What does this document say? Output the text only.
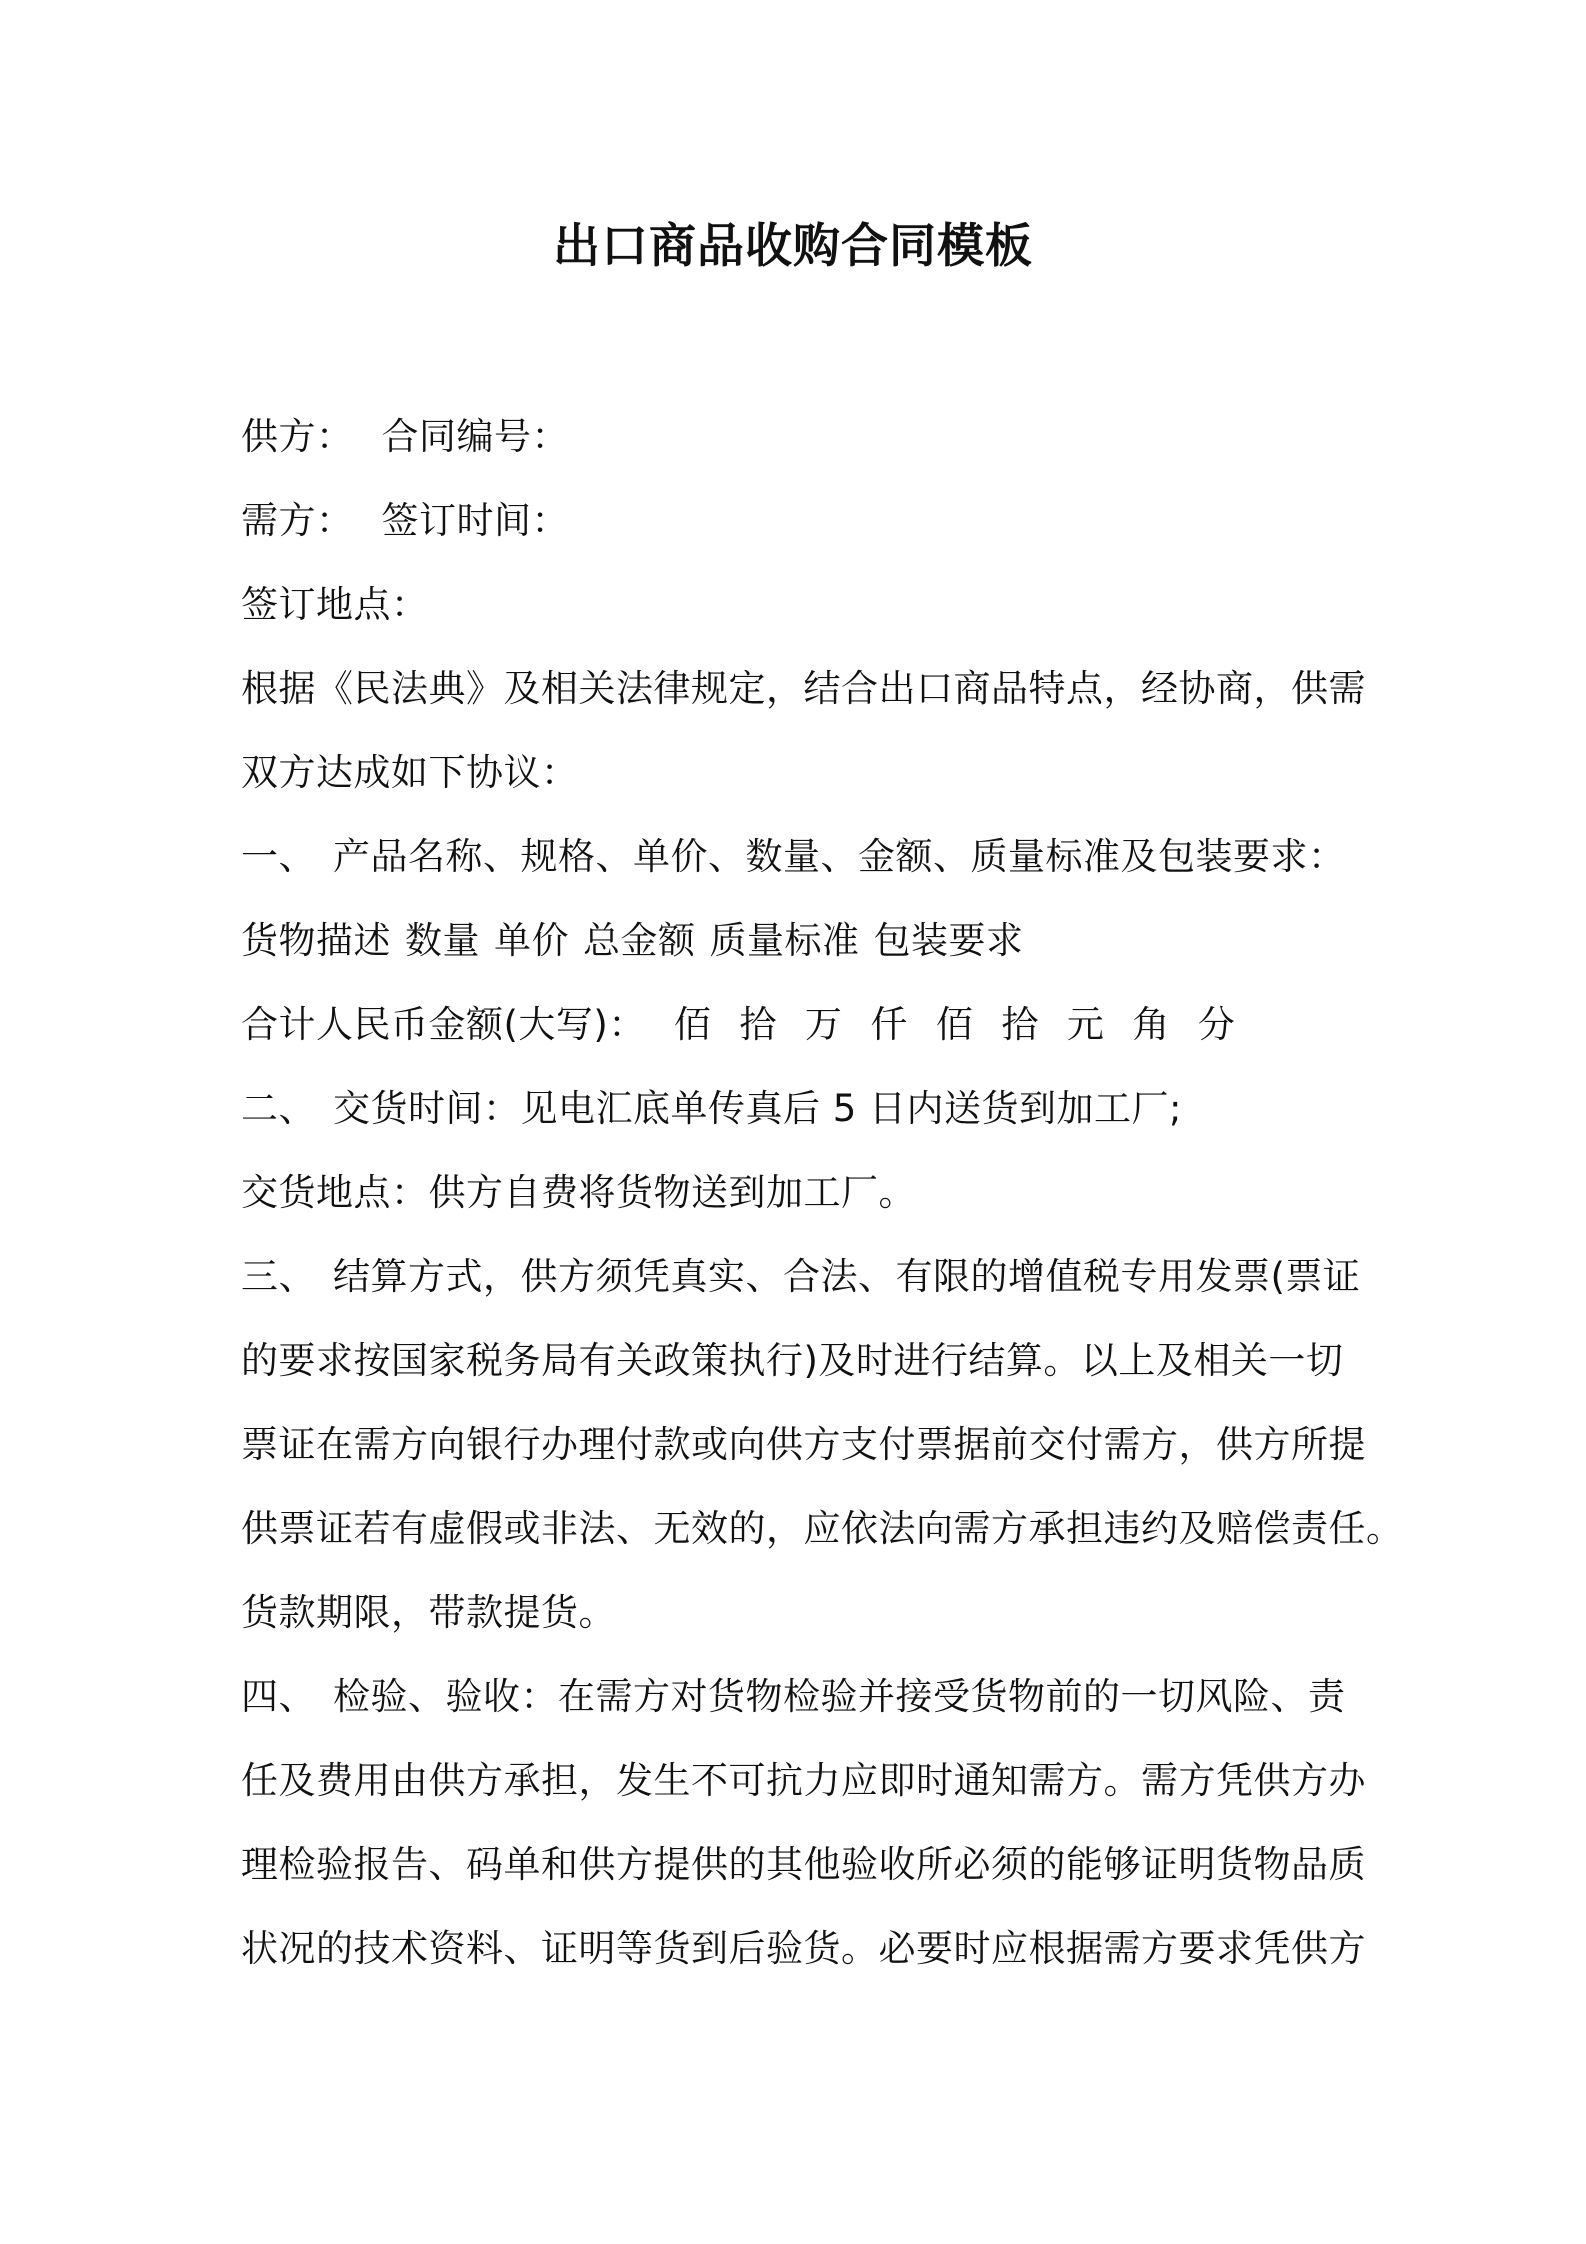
出口商品收购合同模板
供方： 合同编号：
需方： 签订时间：
签订地点：
根据《民法典》及相关法律规定，结合出口商品特点，经协商，供需
双方达成如下协议：
一、 产品名称、规格、单价、数量、金额、质量标准及包装要求：
货物描述 数量 单价 总金额 质量标准 包装要求
合计人民币金额(大写)： 佰 拾 万 仟 佰 拾 元 角 分
二、 交货时间：见电汇底单传真后 5 日内送货到加工厂;
交货地点：供方自费将货物送到加工厂。
三、 结算方式，供方须凭真实、合法、有限的增值税专用发票(票证
的要求按国家税务局有关政策执行)及时进行结算。以上及相关一切
票证在需方向银行办理付款或向供方支付票据前交付需方，供方所提
供票证若有虚假或非法、无效的，应依法向需方承担违约及赔偿责任。
货款期限，带款提货。
四、 检验、验收：在需方对货物检验并接受货物前的一切风险、责
任及费用由供方承担，发生不可抗力应即时通知需方。需方凭供方办
理检验报告、码单和供方提供的其他验收所必须的能够证明货物品质
状况的技术资料、证明等货到后验货。必要时应根据需方要求凭供方
